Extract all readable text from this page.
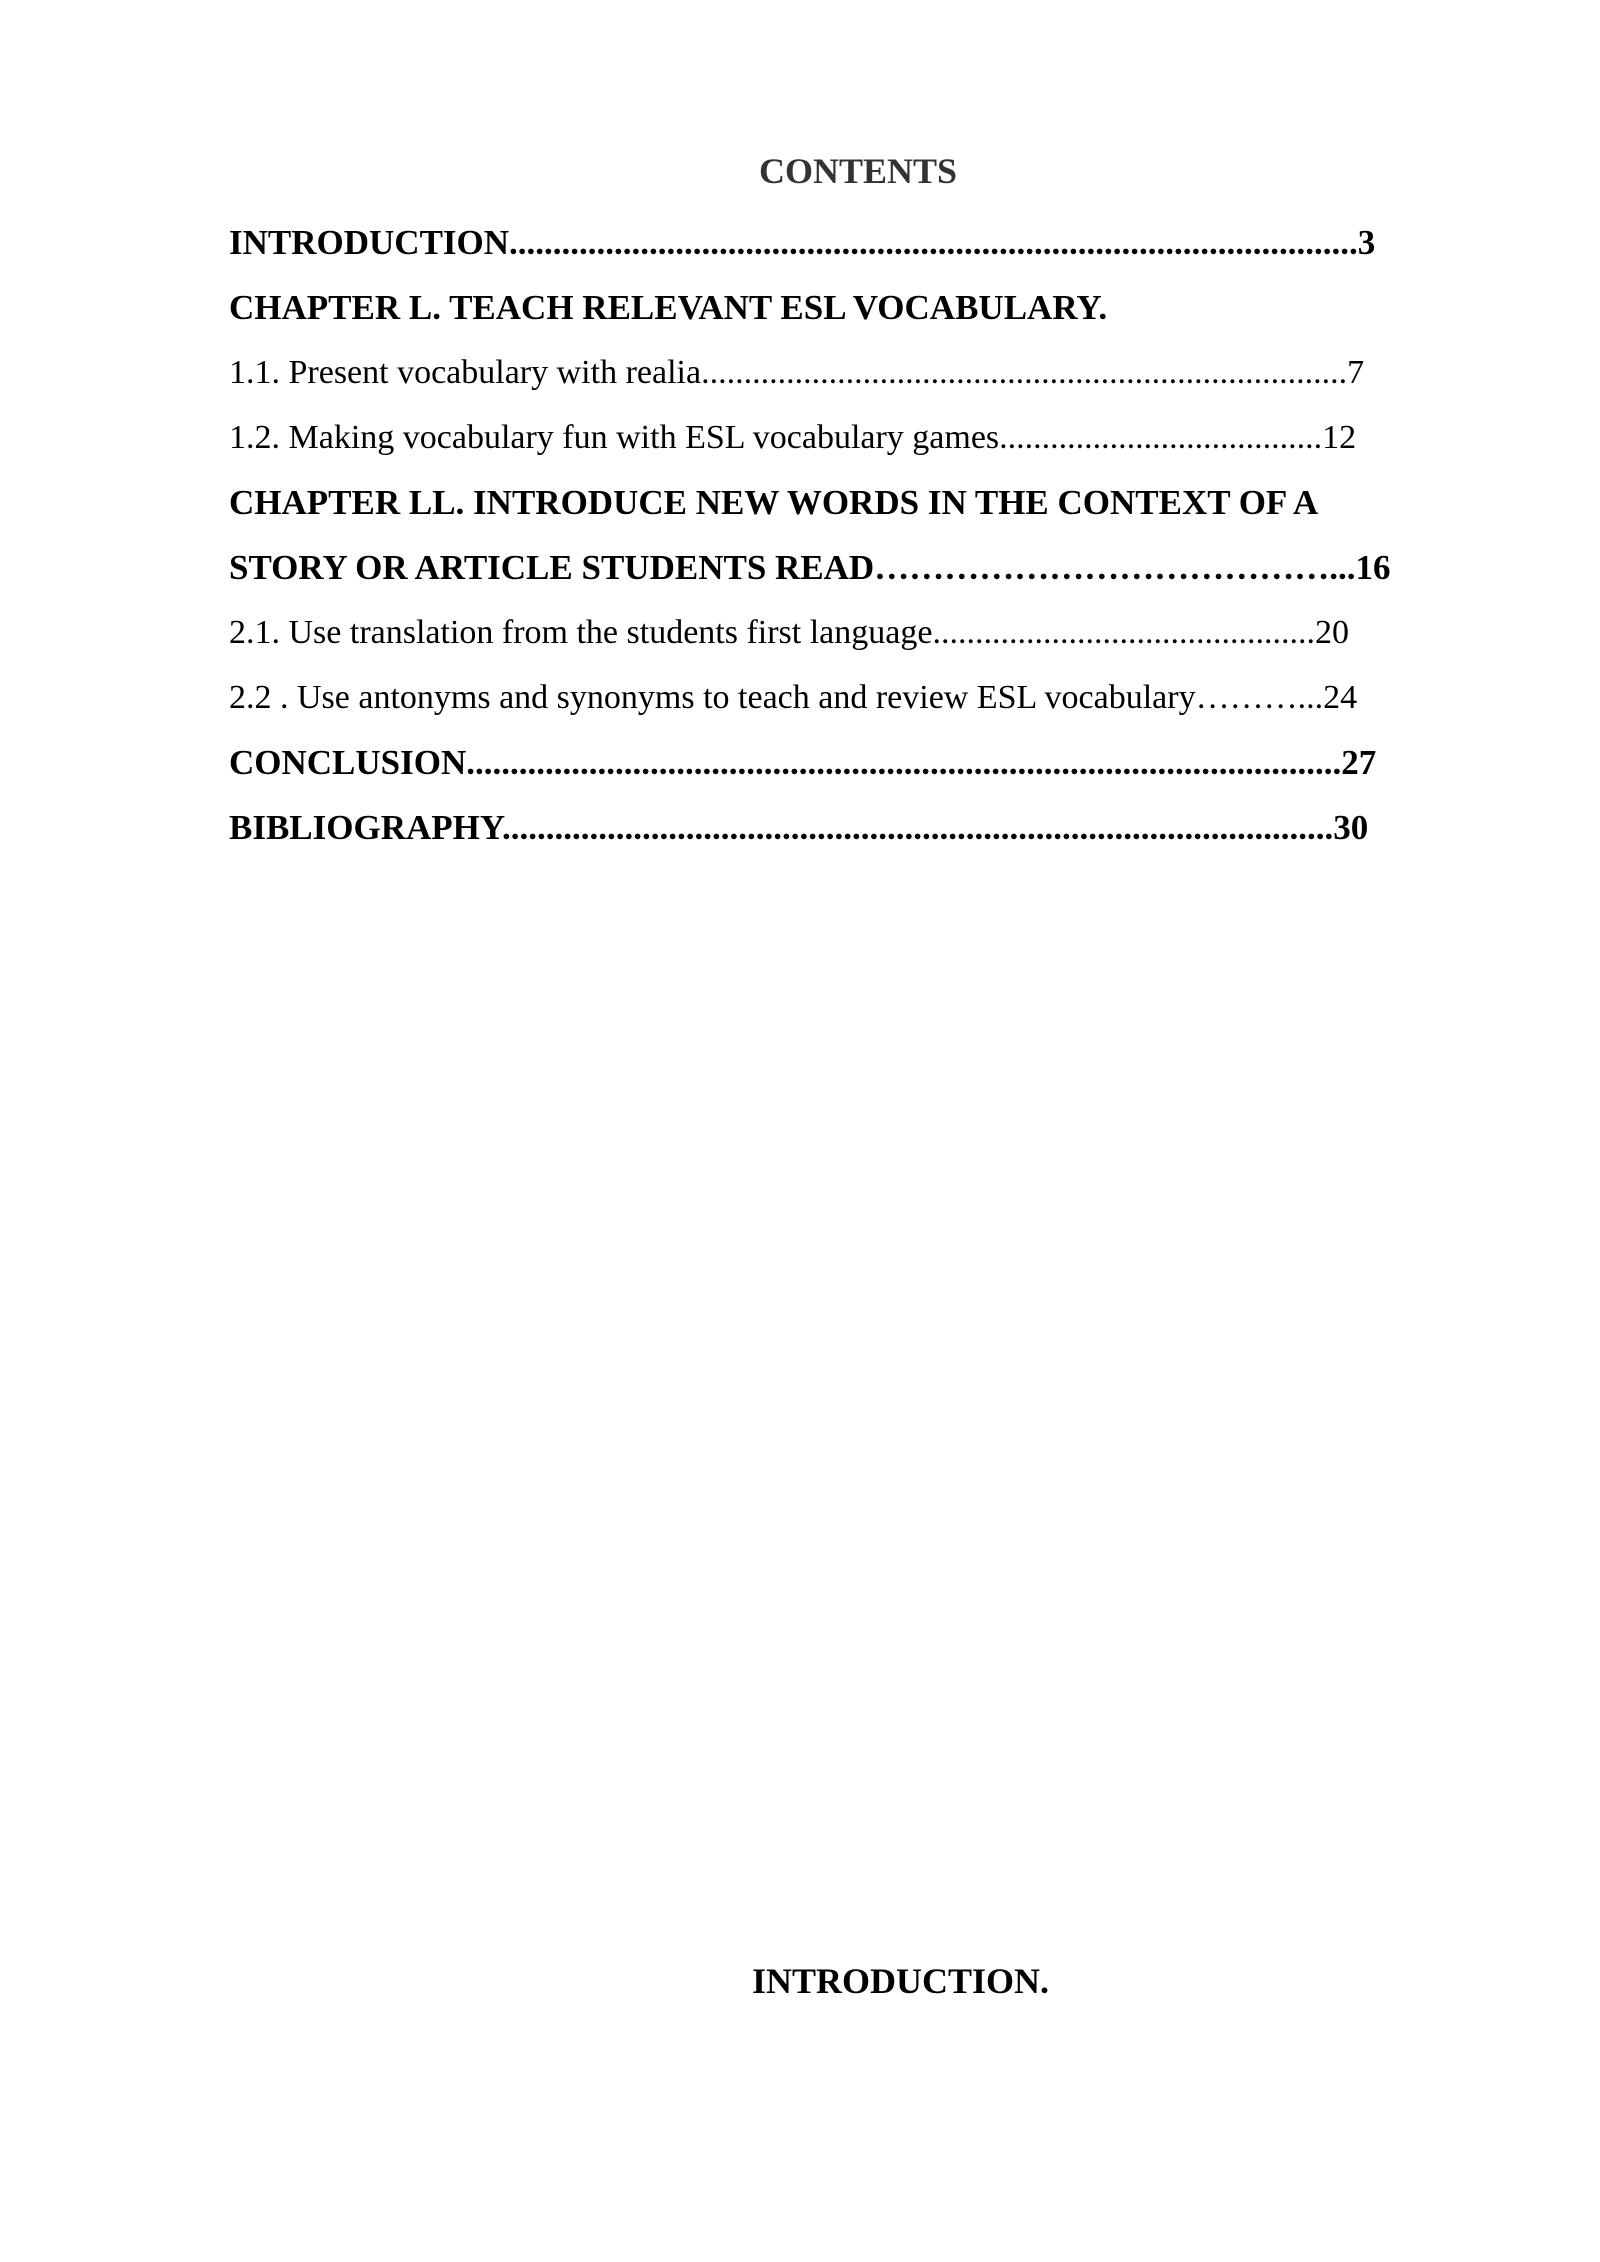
CONTENTS
INTRODUCTION.................................................................................................3
CHAPTER L. TEACH RELEVANT ESL VOCABULARY.
1.1. Present vocabulary with realia............................................................................7
1.2. Making vocabulary fun with ESL vocabulary games......................................12
CHAPTER LL. INTRODUCE NEW WORDS IN THE CONTEXT OF A
STORY OR ARTICLE STUDENTS READ…………………………………...16
2.1. Use translation from the students first language.............................................20
2.2 . Use antonyms and synonyms to teach and review ESL vocabulary………...24
CONCLUSION....................................................................................................27
BIBLIOGRAPHY...............................................................................................30
INTRODUCTION.
